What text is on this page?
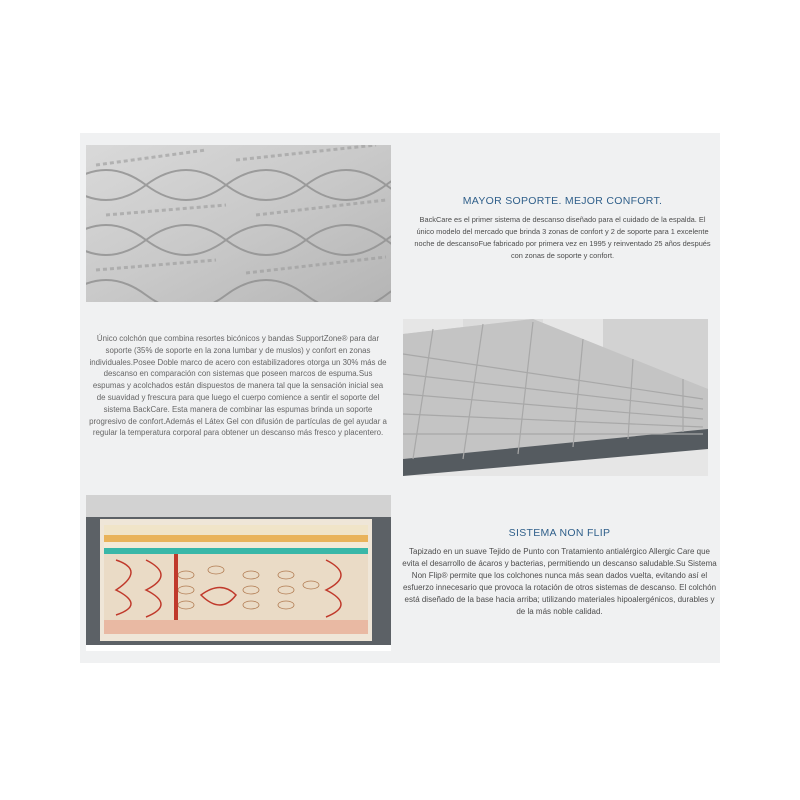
MAYOR SOPORTE. MEJOR CONFORT.
BackCare es el primer sistema de descanso diseñado para el cuidado de la espalda. El único modelo del mercado que brinda 3 zonas de confort y 2 de soporte para 1 excelente noche de descansoFue fabricado por primera vez en 1995 y reinventado 25 años después con zonas de soporte y confort.
Único colchón que combina resortes bicónicos y bandas SupportZone® para dar soporte (35% de soporte en la zona lumbar y de muslos) y confort en zonas individuales.Posee Doble marco de acero con estabilizadores otorga un 30% más de descanso en comparación con sistemas que poseen marcos de espuma.Sus espumas y acolchados están dispuestos de manera tal que la sensación inicial sea de suavidad y frescura para que luego el cuerpo comience a sentir el soporte del sistema BackCare. Esta manera de combinar las espumas brinda un soporte progresivo de confort.Además el Látex Gel con difusión de partículas de gel ayudar a regular la temperatura corporal para obtener un descanso más fresco y placentero.
SISTEMA NON FLIP
Tapizado en un suave Tejido de Punto con Tratamiento antialérgico Allergic Care que evita el desarrollo de ácaros y bacterias, permitiendo un descanso saludable.Su Sistema Non Flip® permite que los colchones nunca más sean dados vuelta, evitando así el esfuerzo innecesario que provoca la rotación de otros sistemas de descanso. El colchón está diseñado de la base hacia arriba; utilizando materiales hipoalergénicos, durables y de la más noble calidad.
